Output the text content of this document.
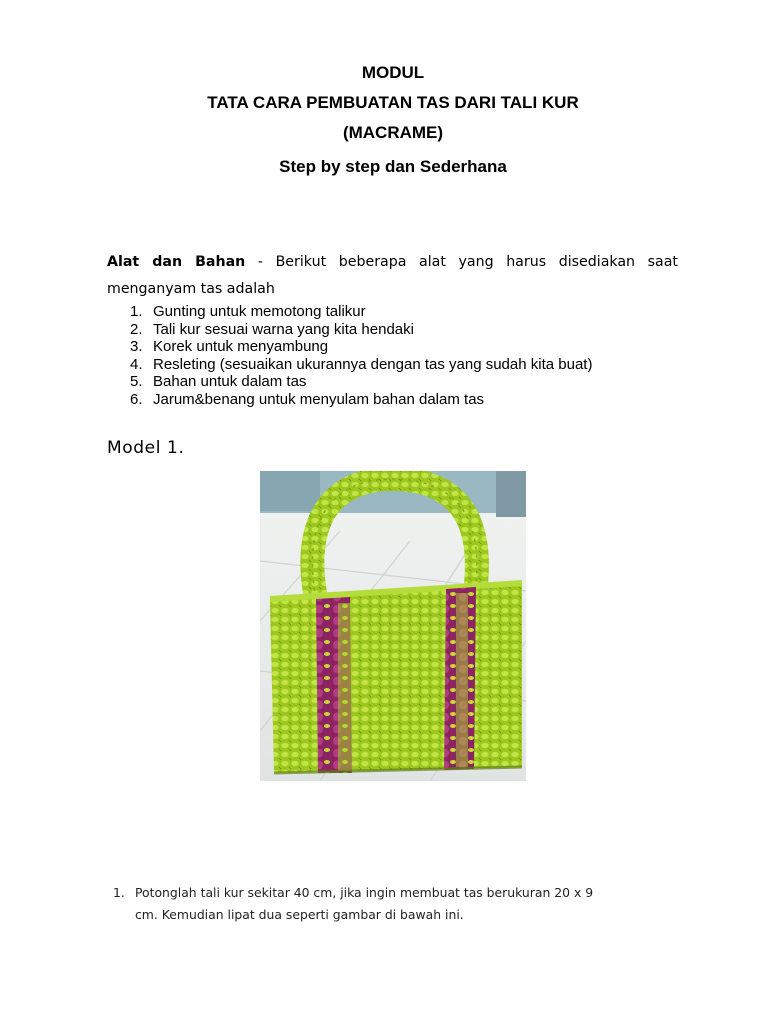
MODUL
TATA CARA PEMBUATAN TAS DARI TALI KUR
(MACRAME)
Step by step dan Sederhana
Alat dan Bahan - Berikut beberapa alat yang harus disediakan saat
menganyam tas adalah
1. Gunting untuk memotong talikur
2. Tali kur sesuai warna yang kita hendaki
3. Korek untuk menyambung
4. Resleting (sesuaikan ukurannya dengan tas yang sudah kita buat)
5. Bahan untuk dalam tas
6. Jarum&benang untuk menyulam bahan dalam tas
Model 1.
1. Potonglah tali kur sekitar 40 cm, jika ingin membuat tas berukuran 20 x 9
cm. Kemudian lipat dua seperti gambar di bawah ini.
